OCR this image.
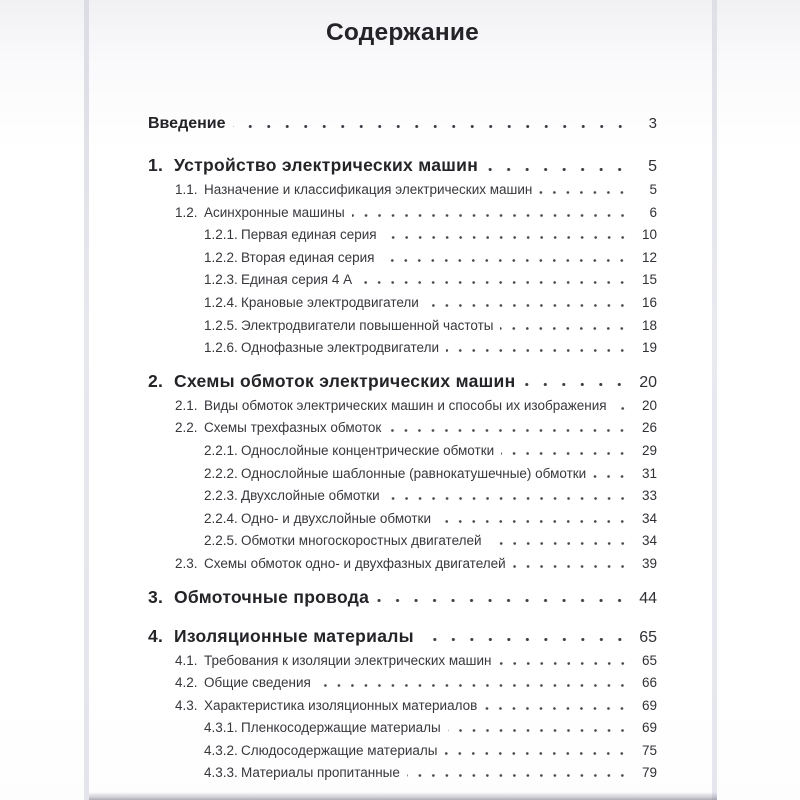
Содержание
Введение	3
1. Устройство электрических машин	5
1.1. Назначение и классификация электрических машин	5
1.2. Асинхронные машины	6
1.2.1. Первая единая серия	10
1.2.2. Вторая единая серия	12
1.2.3. Единая серия 4 А	15
1.2.4. Крановые электродвигатели	16
1.2.5. Электродвигатели повышенной частоты	18
1.2.6. Однофазные электродвигатели	19
2. Схемы обмоток электрических машин	20
2.1. Виды обмоток электрических машин и способы их изображения	20
2.2. Схемы трехфазных обмоток	26
2.2.1. Однослойные концентрические обмотки	29
2.2.2. Однослойные шаблонные (равнокатушечные) обмотки	31
2.2.3. Двухслойные обмотки	33
2.2.4. Одно- и двухслойные обмотки	34
2.2.5. Обмотки многоскоростных двигателей	34
2.3. Схемы обмоток одно- и двухфазных двигателей	39
3. Обмоточные провода	44
4. Изоляционные материалы	65
4.1. Требования к изоляции электрических машин	65
4.2. Общие сведения	66
4.3. Характеристика изоляционных материалов	69
4.3.1. Пленкосодержащие материалы	69
4.3.2. Слюдосодержащие материалы	75
4.3.3. Материалы пропитанные	79
